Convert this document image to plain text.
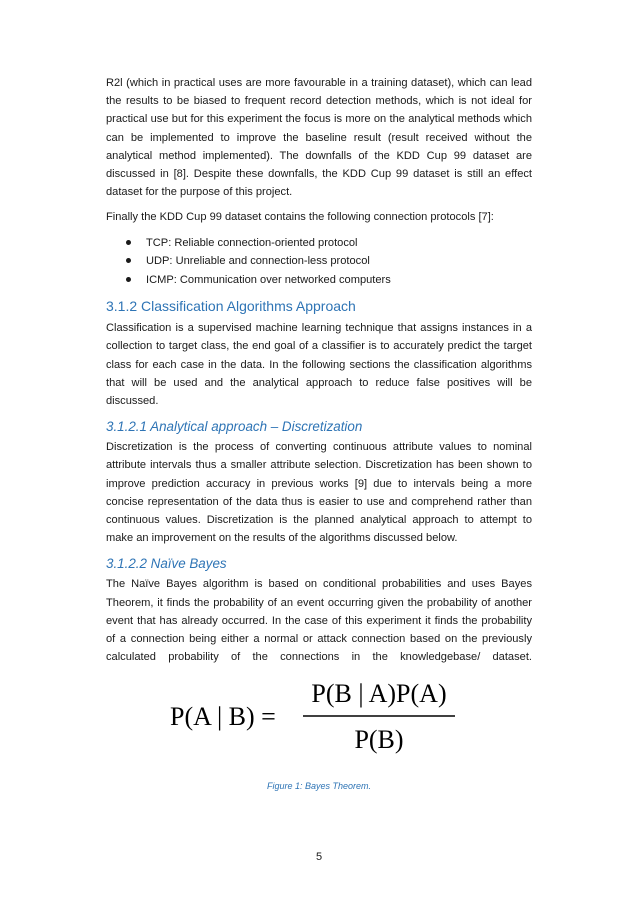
R2l (which in practical uses are more favourable in a training dataset), which can lead the results to be biased to frequent record detection methods, which is not ideal for practical use but for this experiment the focus is more on the analytical methods which can be implemented to improve the baseline result (result received without the analytical method implemented). The downfalls of the KDD Cup 99 dataset are discussed in [8]. Despite these downfalls, the KDD Cup 99 dataset is still an effect dataset for the purpose of this project.

Finally the KDD Cup 99 dataset contains the following connection protocols [7]:

TCP: Reliable connection-oriented protocol
UDP: Unreliable and connection-less protocol
ICMP: Communication over networked computers
3.1.2 Classification Algorithms Approach

Classification is a supervised machine learning technique that assigns instances in a collection to target class, the end goal of a classifier is to accurately predict the target class for each case in the data. In the following sections the classification algorithms that will be used and the analytical approach to reduce false positives will be discussed.

3.1.2.1 Analytical approach – Discretization

Discretization is the process of converting continuous attribute values to nominal attribute intervals thus a smaller attribute selection. Discretization has been shown to improve prediction accuracy in previous works [9] due to intervals being a more concise representation of the data thus is easier to use and comprehend rather than continuous values. Discretization is the planned analytical approach to attempt to make an improvement on the results of the algorithms discussed below.

3.1.2.2 Naïve Bayes

The Naïve Bayes algorithm is based on conditional probabilities and uses Bayes Theorem, it finds the probability of an event occurring given the probability of another event that has already occurred. In the case of this experiment it finds the probability of a connection being either a normal or attack connection based on the previously calculated probability of the connections in the knowledgebase/ dataset.

P(A | B) =
P(B | A)P(A)
P(B)
Figure 1: Bayes Theorem.
5
